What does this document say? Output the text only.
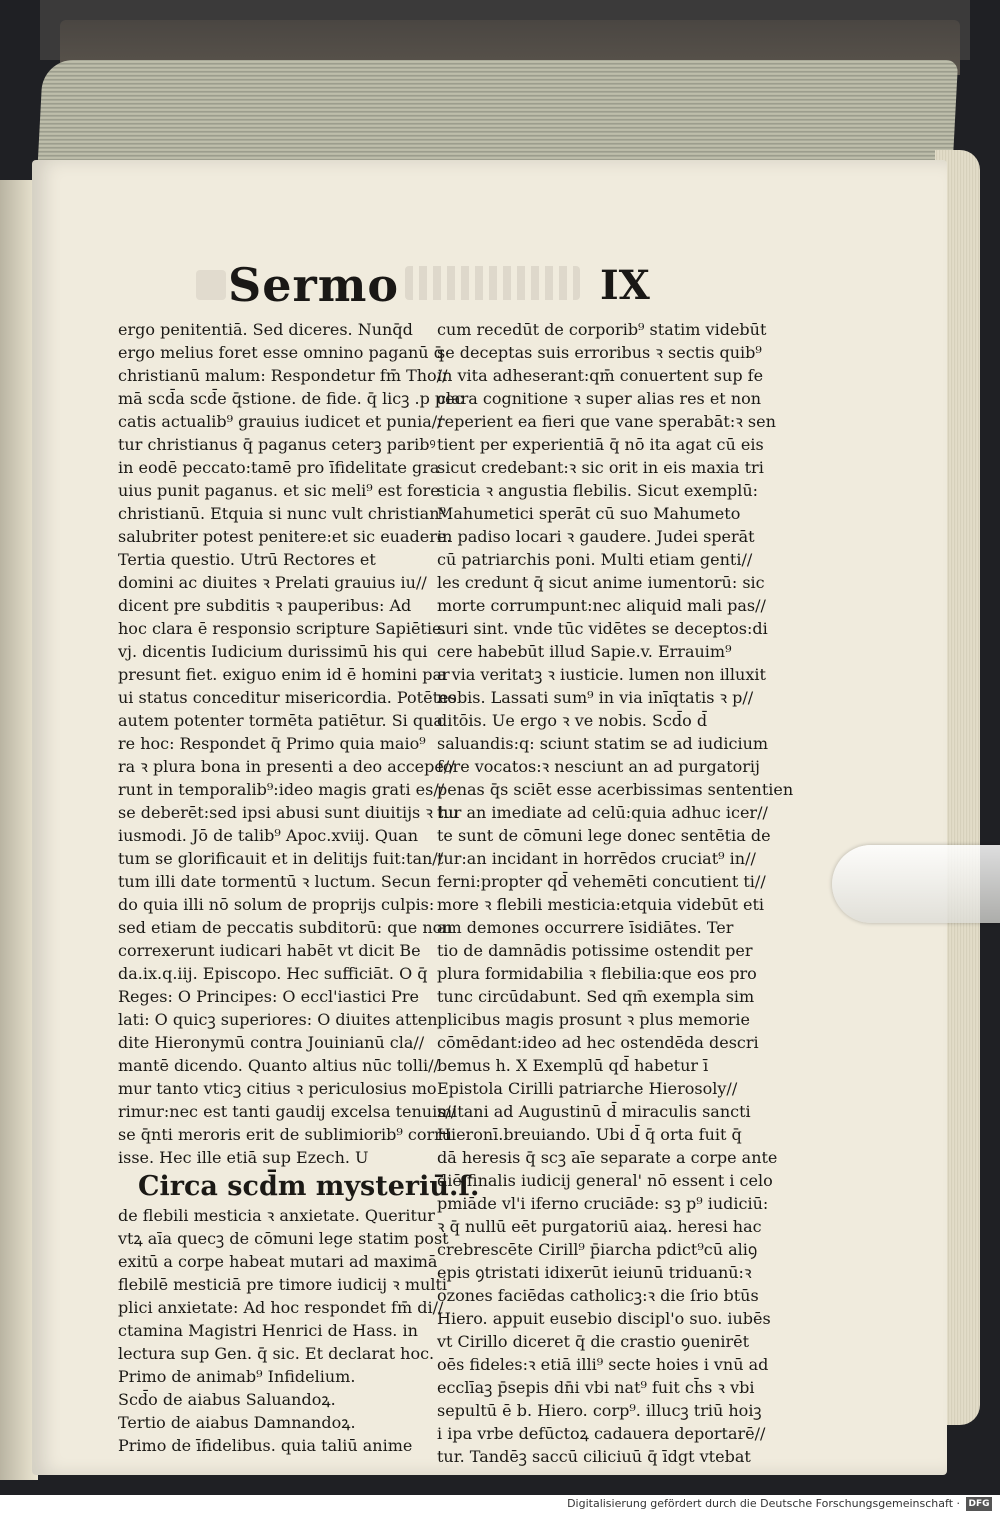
Sermo	IX
ergo penitentiā. Sed diceres. Nunq̄d
ergo melius foret esse omnino paganū q̄
christianū malum: Respondetur fm̄ Tho//
mā scd̄a scd̄e q̄stione. de fide. q̄ licꝫ .p pec
catis actualib⁹ grauius iudicet et punia//
tur christianus q̄ paganus ceterꝫ paribꝰ
in eodē peccato:tamē pro īfidelitate gra
uius punit paganus. et sic meli⁹ est fore
christianū. Etquia si nunc vult christian⁹
salubriter potest penitere:et sic euadere.
Tertia questio. Utrū Rectores et
domini ac diuites ꝛ Prelati grauius iu//
dicent pre subditis ꝛ pauperibus: Ad
hoc clara ē responsio scripture Sapiētie.
vj. dicentis Iudicium durissimū his qui
presunt fiet. exiguo enim id ē homini par
ui status conceditur misericordia. Potētes
autem potenter tormēta patiētur. Si qua
re hoc: Respondet q̄ Primo quia maio⁹
ra ꝛ plura bona in presenti a deo accepe//
runt in temporalib⁹:ideo magis grati es//
se deberēt:sed ipsi abusi sunt diuitijs ꝛ hu
iusmodi. Jō de talib⁹ Apoc.xviij. Quan
tum se glorificauit et in delitijs fuit:tan//
tum illi date tormentū ꝛ luctum. Secun
do quia illi nō solum de proprijs culpis:
sed etiam de peccatis subditorū: que non
correxerunt iudicari habēt vt dicit Be
da.ix.q.iij. Episcopo. Hec sufficiāt. O q̄
Reges: O Principes: O eccl'iastici Pre
lati: O quicꝫ superiores: O diuites atten
dite Hieronymū contra Jouinianū cla//
mantē dicendo. Quanto altius nūc tolli//
mur tanto vticꝫ citius ꝛ periculosius mo
rimur:nec est tanti gaudij excelsa tenuis//
se q̄nti meroris erit de sublimiorib⁹ corru
isse. Hec ille etiā sup Ezech. U
Circa scd̄m mysteriū.ſ.
de flebili mesticia ꝛ anxietate. Queritur
vtꝝ aīa quecꝫ de cōmuni lege statim post
exitū a corpe habeat mutari ad maximā
flebilē mesticiā pre timore iudicij ꝛ multi
plici anxietate: Ad hoc respondet fm̄ di//
ctamina Magistri Henrici de Hass. in
lectura sup Gen. q̄ sic. Et declarat hoc.
Primo de animab⁹ Infidelium.
Scd̄o de aiabus Saluandoꝝ.
Tertio de aiabus Damnandoꝝ.
Primo de īfidelibus. quia taliū anime
cum recedūt de corporib⁹ statim videbūt
se deceptas suis erroribus ꝛ sectis quib⁹
in vita adheserant:qm̄ conuertent sup fe
clara cognitione ꝛ super alias res et non
reperient ea fieri que vane sperabāt:ꝛ sen
tient per experientiā q̄ nō ita agat cū eis
sicut credebant:ꝛ sic orit in eis maxia tri
sticia ꝛ angustia flebilis. Sicut exemplū:
Mahumetici sperāt cū suo Mahumeto
in padiso locari ꝛ gaudere. Judei sperāt
cū patriarchis poni. Multi etiam genti//
les credunt q̄ sicut anime iumentorū: sic
morte corrumpunt:nec aliquid mali pas//
suri sint. vnde tūc vidētes se deceptos:di
cere habebūt illud Sapie.v. Errauim⁹
a via veritatꝫ ꝛ iusticie. lumen non illuxit
nobis. Lassati sum⁹ in via inīqtatis ꝛ p//
ditōis. Ue ergo ꝛ ve nobis. Scd̄o d̄
saluandis:q: sciunt statim se ad iudicium
fore vocatos:ꝛ nesciunt an ad purgatorij
penas q̄s sciēt esse acerbissimas sententien
tur an imediate ad celū:quia adhuc icer//
te sunt de cōmuni lege donec sentētia de
tur:an incidant in horrēdos cruciat⁹ in//
ferni:propter qd̄ vehemēti concutient ti//
more ꝛ flebili mesticia:etquia videbūt eti
am demones occurrere īsidiātes. Ter
tio de damnādis potissime ostendit per
plura formidabilia ꝛ flebilia:que eos pro
tunc circūdabunt. Sed qm̄ exempla sim
plicibus magis prosunt ꝛ plus memorie
cōmēdant:ideo ad hec ostendēda descri
bemus h. X Exemplū qd̄ habetur ī
Epistola Cirilli patriarche Hierosoly//
mitani ad Augustinū d̄ miraculis sancti
Hieronī.breuiando. Ubi d̄ q̄ orta fuit q̄
dā heresis q̄ scꝫ aīe separate a corpe ante
diē finalis iudicij general' nō essent i celo
pmiāde vl'i iferno cruciāde: sꝫ p⁹ iudiciū:
ꝛ q̄ nullū eēt purgatoriū aiaꝝ. heresi hac
crebrescēte Cirill⁹ p̄iarcha pdict⁹cū aliꝯ
epis ꝯtristati idixerūt ieiunū triduanū:ꝛ
ozones faciēdas catholicꝫ:ꝛ die ſrio btūs
Hiero. appuit eusebio discipl'o suo. iubēs
vt Cirillo diceret q̄ die crastio ꝯuenirēt
oēs fideles:ꝛ etiā illi⁹ secte hoies i vnū ad
ecclīaꝫ p̄sepis dn̄i vbi nat⁹ fuit ch̄s ꝛ vbi
sepultū ē b. Hiero. corp⁹. illucꝫ triū hoiꝫ
i ipa vrbe defūctoꝝ cadauera deportarē//
tur. Tandēꝫ saccū ciliciuū q̄ īdgt vtebat
Digitalisierung gefördert durch die Deutsche Forschungsgemeinschaft · DFG
